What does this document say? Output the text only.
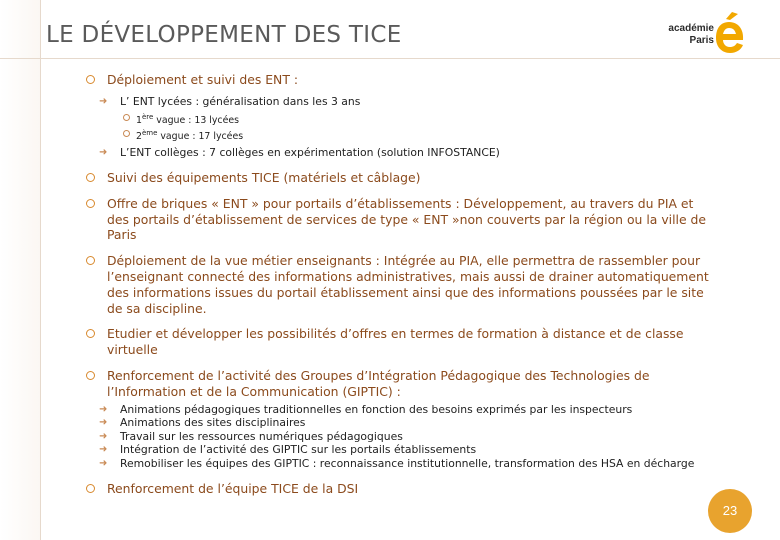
LE DÉVELOPPEMENT DES TICE	académie
Paris
Déploiement et suivi des ENT :
➜ L’ ENT lycées : généralisation dans les 3 ans
1ère vague : 13 lycées
2ème vague : 17 lycées
➜ L’ENT collèges : 7 collèges en expérimentation (solution INFOSTANCE)
Suivi des équipements TICE (matériels et câblage)
Offre de briques « ENT » pour portails d’établissements : Développement, au travers du PIA et des portails d’établissement de services de type « ENT »non couverts par la région ou la ville de Paris
Déploiement de la vue métier enseignants : Intégrée au PIA, elle permettra de rassembler pour l’enseignant connecté des informations administratives, mais aussi de drainer automatiquement des informations issues du portail établissement ainsi que des informations poussées par le site de sa discipline.
Etudier et développer les possibilités d’offres en termes de formation à distance et de classe virtuelle
Renforcement de l’activité des Groupes d’Intégration Pédagogique des Technologies de l’Information et de la Communication (GIPTIC) :
➜ Animations pédagogiques traditionnelles en fonction des besoins exprimés par les inspecteurs
➜ Animations des sites disciplinaires
➜ Travail sur les ressources numériques pédagogiques
➜ Intégration de l’activité des GIPTIC sur les portails établissements
➜ Remobiliser les équipes des GIPTIC : reconnaissance institutionnelle, transformation des HSA en décharge
Renforcement de l’équipe TICE de la DSI
23
